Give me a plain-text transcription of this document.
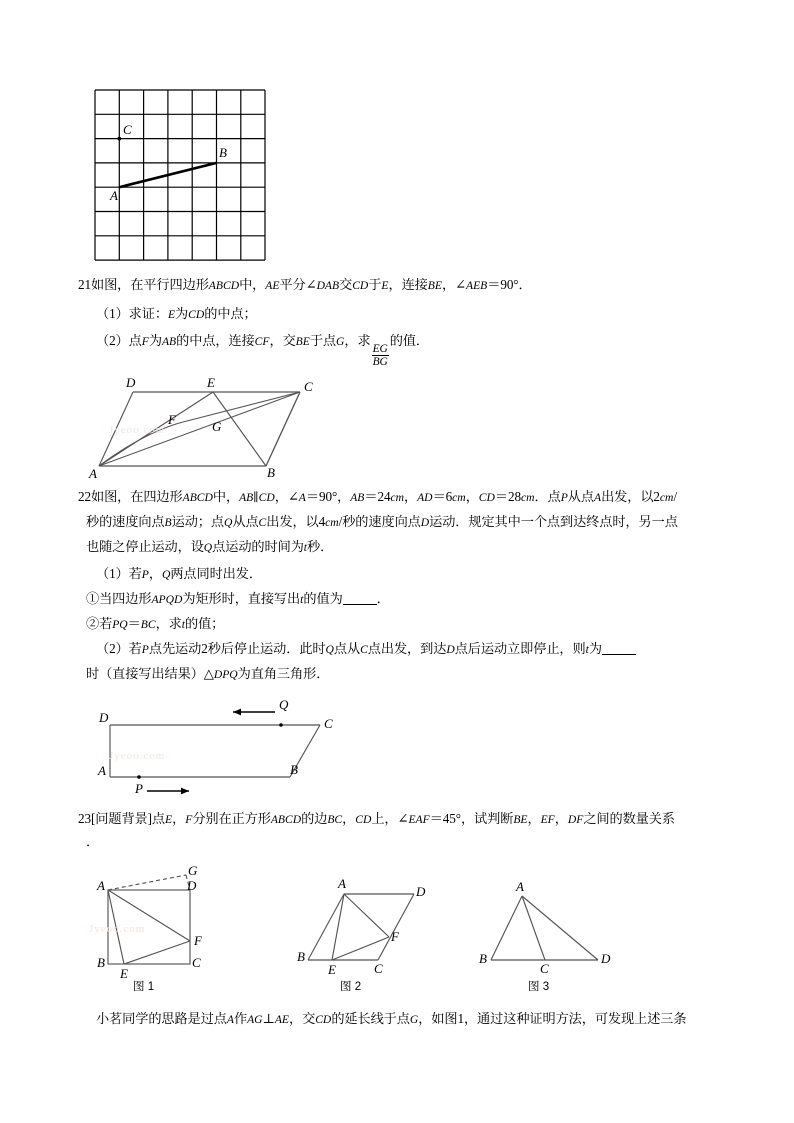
C
B
A
21如图，在平行四边形ABCD中，AE平分∠DAB交CD于E，连接BE，∠AEB＝90°．
（1）求证：E为CD的中点；
（2）点F为AB的中点，连接CF，交BE于点G，求
$\frac{EG}{BG}$
的值．
D	E	C
F	G
A	B
Jyeoo.com
22如图，在四边形ABCD中，AB∥CD，∠A＝90°，AB＝24cm，AD＝6cm，CD＝28cm．点P从点A出发，以2cm/
秒的速度向点B运动；点Q从点C出发，以4cm/秒的速度向点D运动．规定其中一个点到达终点时，另一点
也随之停止运动，设Q点运动的时间为t秒．
（1）若P，Q两点同时出发．
①当四边形APQD为矩形时，直接写出t的值为	．
②若PQ＝BC，求t的值；
（2）若P点先运动2秒后停止运动．此时Q点从C点出发，到达D点后运动立即停止，则t为
时（直接写出结果）△DPQ为直角三角形．
D	C
Q
A	B
P
Jyeoo.com
23[问题背景]点E，F分别在正方形ABCD的边BC，CD上，∠EAF＝45°，试判断BE，EF，DF之间的数量关系
．
A	D
G
B	C
E
F
图 1
Jyeoo.com
A
D
B
E	C
F
图 2
A
B
C
D
图 3
小茗同学的思路是过点A作AG⊥AE，交CD的延长线于点G，如图1，通过这种证明方法，可发现上述三条
